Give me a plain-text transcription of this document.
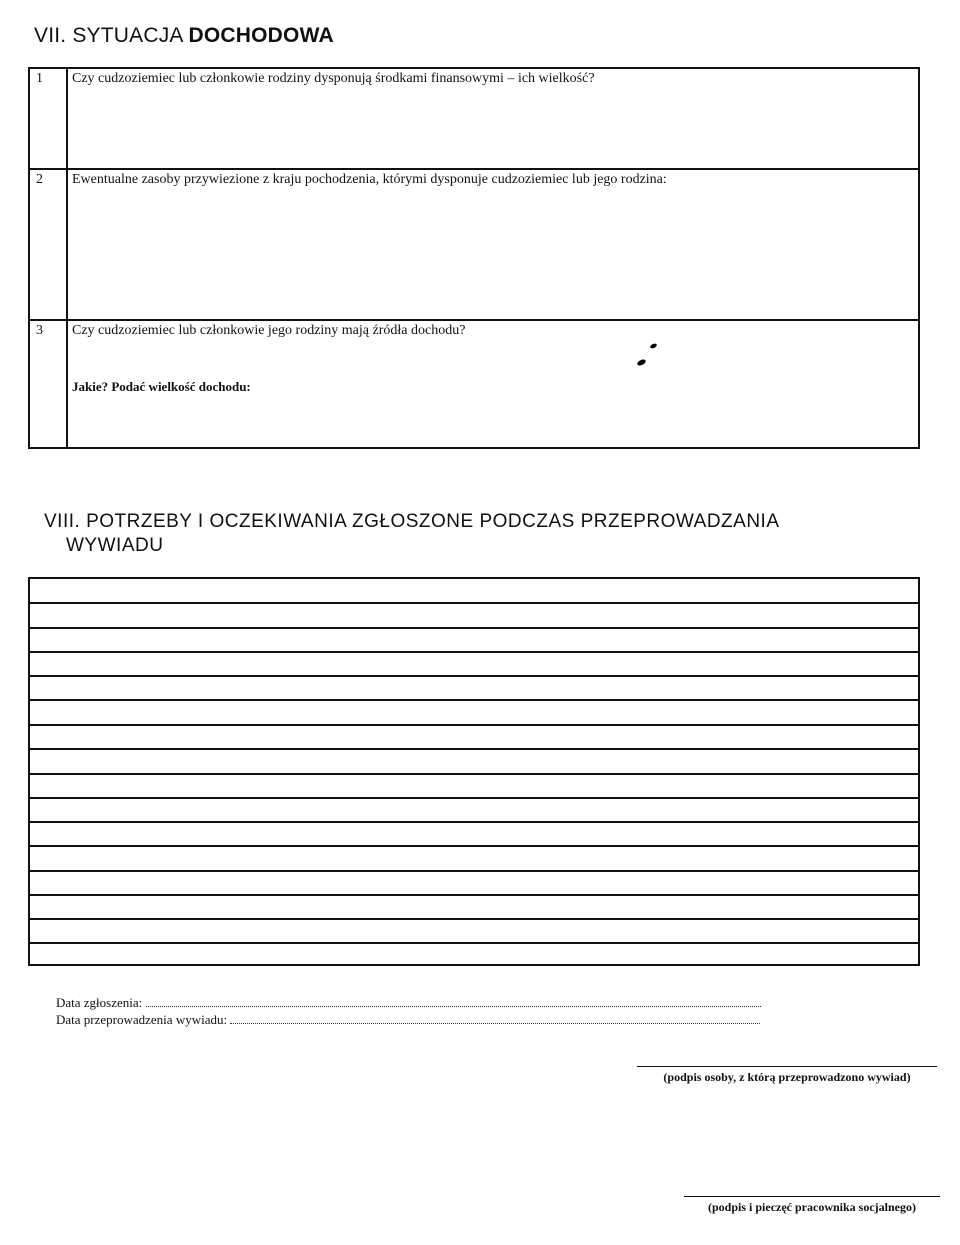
VII. SYTUACJA DOCHODOWA
1	Czy cudzoziemiec lub członkowie rodziny dysponują środkami finansowymi – ich wielkość?
2	Ewentualne zasoby przywiezione z kraju pochodzenia, którymi dysponuje cudzoziemiec lub jego rodzina:
3	Czy cudzoziemiec lub członkowie jego rodziny mają źródła dochodu?
Jakie? Podać wielkość dochodu:
VIII. POTRZEBY I OCZEKIWANIA ZGŁOSZONE PODCZAS PRZEPROWADZANIA
WYWIADU
Data zgłoszenia:
Data przeprowadzenia wywiadu:
(podpis osoby, z którą przeprowadzono wywiad)
(podpis i pieczęć pracownika socjalnego)
